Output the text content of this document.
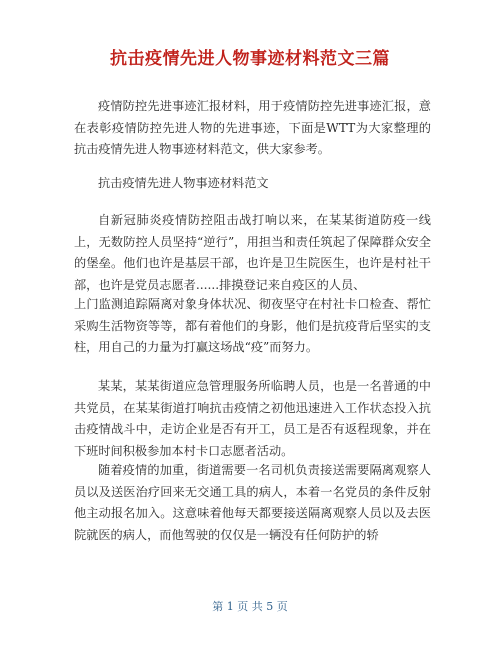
抗击疫情先进人物事迹材料范文三篇

疫情防控先进事迹汇报材料，用于疫情防控先进事迹汇报，意在表彰疫情防控先进人物的先进事迹，下面是WTT为大家整理的抗击疫情先进人物事迹材料范文，供大家参考。

抗击疫情先进人物事迹材料范文

自新冠肺炎疫情防控阻击战打响以来，在某某街道防疫一线上，无数防控人员坚持“逆行”，用担当和责任筑起了保障群众安全的堡垒。他们也许是基层干部，也许是卫生院医生，也许是村社干部，也许是党员志愿者......排摸登记来自疫区的人员、

上门监测追踪隔离对象身体状况、彻夜坚守在村社卡口检查、帮忙采购生活物资等等，都有着他们的身影，他们是抗疫背后坚实的支柱，用自己的力量为打赢这场战“疫”而努力。

某某，某某街道应急管理服务所临聘人员，也是一名普通的中共党员，在某某街道打响抗击疫情之初他迅速进入工作状态投入抗击疫情战斗中，走访企业是否有开工，员工是否有返程现象，并在下班时间积极参加本村卡口志愿者活动。

随着疫情的加重，街道需要一名司机负责接送需要隔离观察人员以及送医治疗回来无交通工具的病人，本着一名党员的条件反射他主动报名加入。这意味着他每天都要接送隔离观察人员以及去医院就医的病人，而他驾驶的仅仅是一辆没有任何防护的轿

第 1 页 共 5 页
